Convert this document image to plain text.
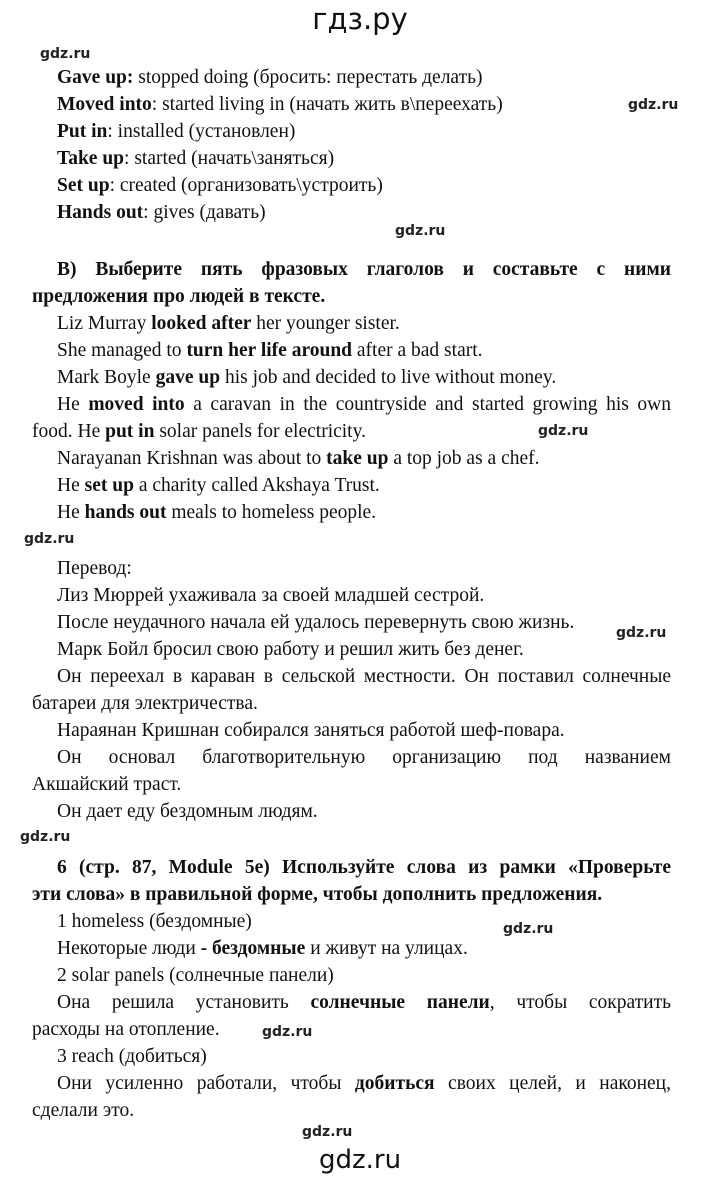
гдз.ру
gdz.ru
gdz.ru
gdz.ru
gdz.ru
gdz.ru
gdz.ru
gdz.ru
gdz.ru
gdz.ru
gdz.ru
Gave up: stopped doing (бросить: перестать делать)
Moved into: started living in (начать жить в\переехать)
Put in: installed (установлен)
Take up: started (начать\заняться)
Set up: created (организовать\устроить)
Hands out: gives (давать)
B) Выберите пять фразовых глаголов и составьте с ними
предложения про людей в тексте.
Liz Murray looked after her younger sister.
She managed to turn her life around after a bad start.
Mark Boyle gave up his job and decided to live without money.
He moved into a caravan in the countryside and started growing his own
food. He put in solar panels for electricity.
Narayanan Krishnan was about to take up a top job as a chef.
He set up a charity called Akshaya Trust.
He hands out meals to homeless people.
Перевод:
Лиз Мюррей ухаживала за своей младшей сестрой.
После неудачного начала ей удалось перевернуть свою жизнь.
Марк Бойл бросил свою работу и решил жить без денег.
Он переехал в караван в сельской местности. Он поставил солнечные
батареи для электричества.
Нараянан Кришнан собирался заняться работой шеф-повара.
Он основал благотворительную организацию под названием
Акшайский траст.
Он дает еду бездомным людям.
6 (стр. 87, Module 5e) Используйте слова из рамки «Проверьте
эти слова» в правильной форме, чтобы дополнить предложения.
1 homeless (бездомные)
Некоторые люди - бездомные и живут на улицах.
2 solar panels (солнечные панели)
Она решила установить солнечные панели, чтобы сократить
расходы на отопление.
3 reach (добиться)
Они усиленно работали, чтобы добиться своих целей, и наконец,
сделали это.
gdz.ru
